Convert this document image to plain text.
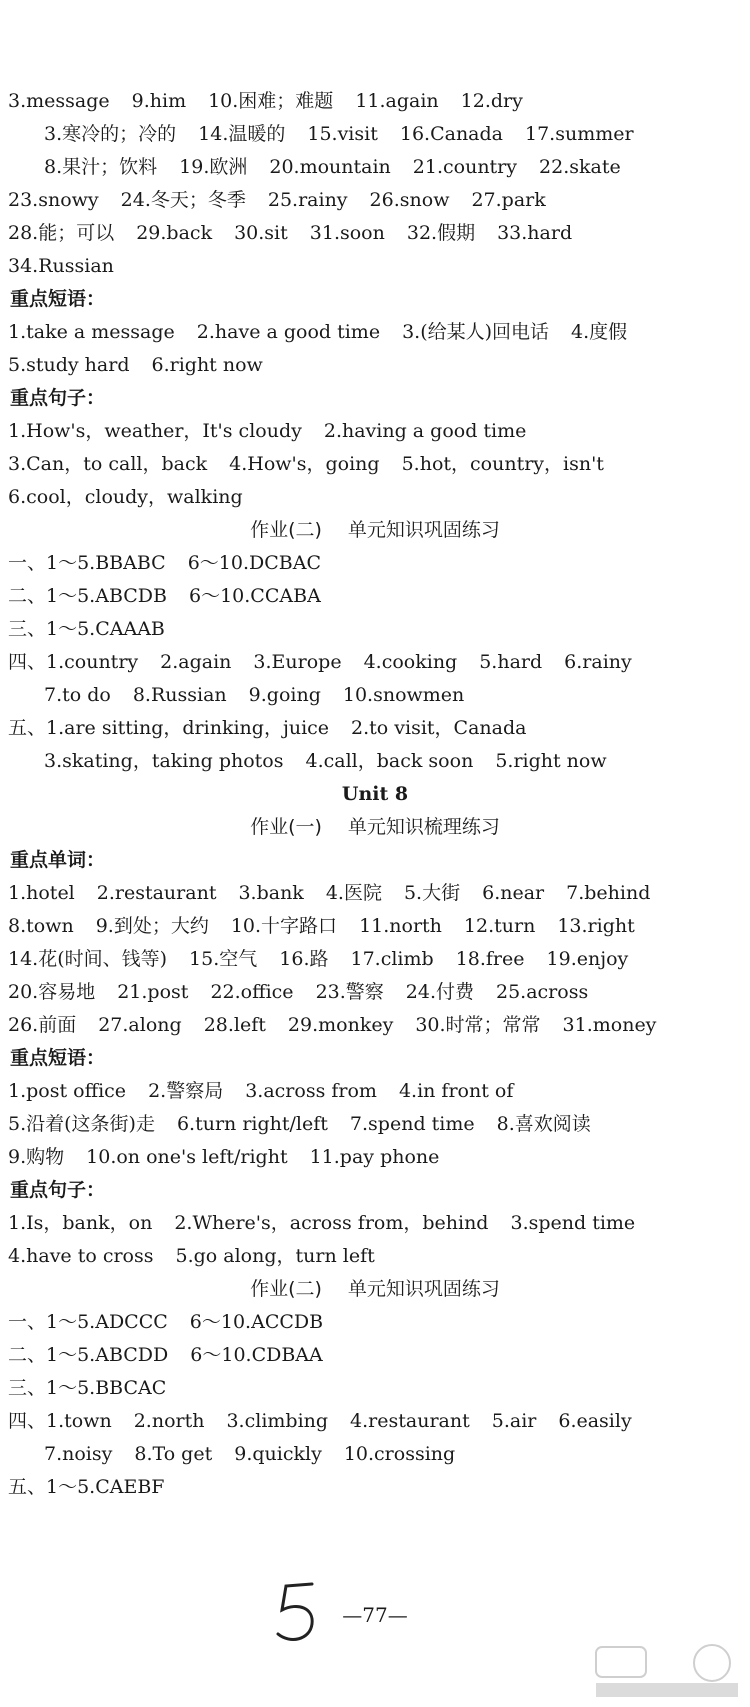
3.message 9.him 10.困难；难题 11.again 12.dry
3.寒冷的；冷的 14.温暖的 15.visit 16.Canada 17.summer
8.果汁；饮料 19.欧洲 20.mountain 21.country 22.skate
23.snowy 24.冬天；冬季 25.rainy 26.snow 27.park
28.能；可以 29.back 30.sit 31.soon 32.假期 33.hard
34.Russian
重点短语：
1.take a message 2.have a good time 3.(给某人)回电话 4.度假
5.study hard 6.right now
重点句子：
1.How's，weather，It's cloudy 2.having a good time
3.Can，to call，back 4.How's，going 5.hot，country，isn't
6.cool，cloudy，walking
作业(二) 单元知识巩固练习
一、1～5.BBABC 6～10.DCBAC
二、1～5.ABCDB 6～10.CCABA
三、1～5.CAAAB
四、1.country 2.again 3.Europe 4.cooking 5.hard 6.rainy
7.to do 8.Russian 9.going 10.snowmen
五、1.are sitting，drinking，juice 2.to visit，Canada
3.skating，taking photos 4.call，back soon 5.right now
Unit 8
作业(一) 单元知识梳理练习
重点单词：
1.hotel 2.restaurant 3.bank 4.医院 5.大街 6.near 7.behind
8.town 9.到处；大约 10.十字路口 11.north 12.turn 13.right
14.花(时间、钱等) 15.空气 16.路 17.climb 18.free 19.enjoy
20.容易地 21.post 22.office 23.警察 24.付费 25.across
26.前面 27.along 28.left 29.monkey 30.时常；常常 31.money
重点短语：
1.post office 2.警察局 3.across from 4.in front of
5.沿着(这条街)走 6.turn right/left 7.spend time 8.喜欢阅读
9.购物 10.on one's left/right 11.pay phone
重点句子：
1.Is，bank，on 2.Where's，across from，behind 3.spend time
4.have to cross 5.go along，turn left
作业(二) 单元知识巩固练习
一、1～5.ADCCC 6～10.ACCDB
二、1～5.ABCDD 6～10.CDBAA
三、1～5.BBCAC
四、1.town 2.north 3.climbing 4.restaurant 5.air 6.easily
7.noisy 8.To get 9.quickly 10.crossing
五、1～5.CAEBF
—77—
